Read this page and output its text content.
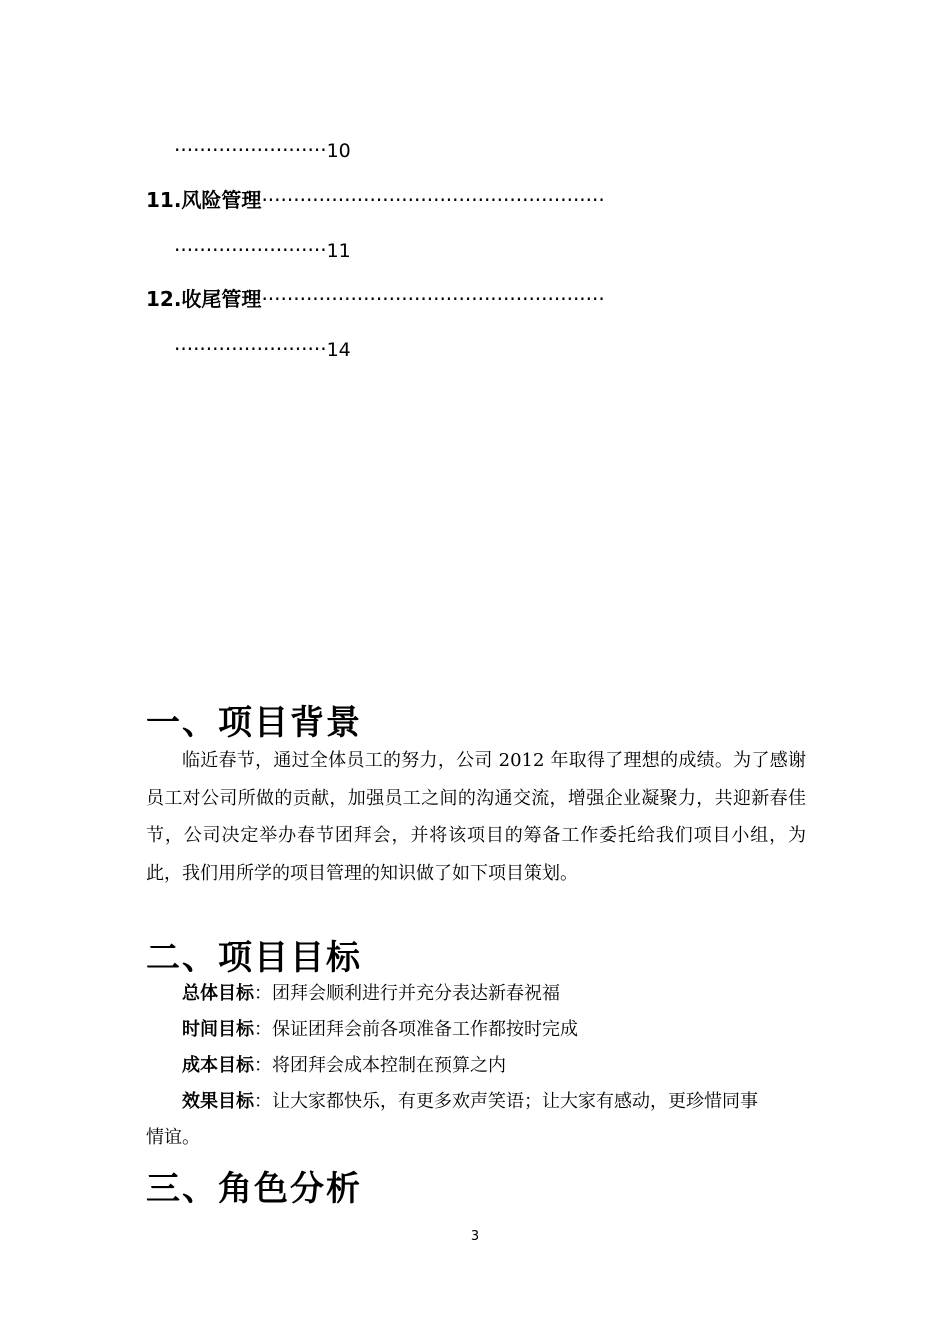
························10
11.风险管理······················································
························11
12.收尾管理······················································
························14
一、项目背景

临近春节，通过全体员工的努力，公司 2012 年取得了理想的成绩。为了感谢员工对公司所做的贡献，加强员工之间的沟通交流，增强企业凝聚力，共迎新春佳节，公司决定举办春节团拜会，并将该项目的筹备工作委托给我们项目小组，为此，我们用所学的项目管理的知识做了如下项目策划。

二、项目目标
总体目标：团拜会顺利进行并充分表达新春祝福
时间目标：保证团拜会前各项准备工作都按时完成
成本目标：将团拜会成本控制在预算之内
效果目标：让大家都快乐，有更多欢声笑语；让大家有感动，更珍惜同事
情谊。
三、角色分析
3
